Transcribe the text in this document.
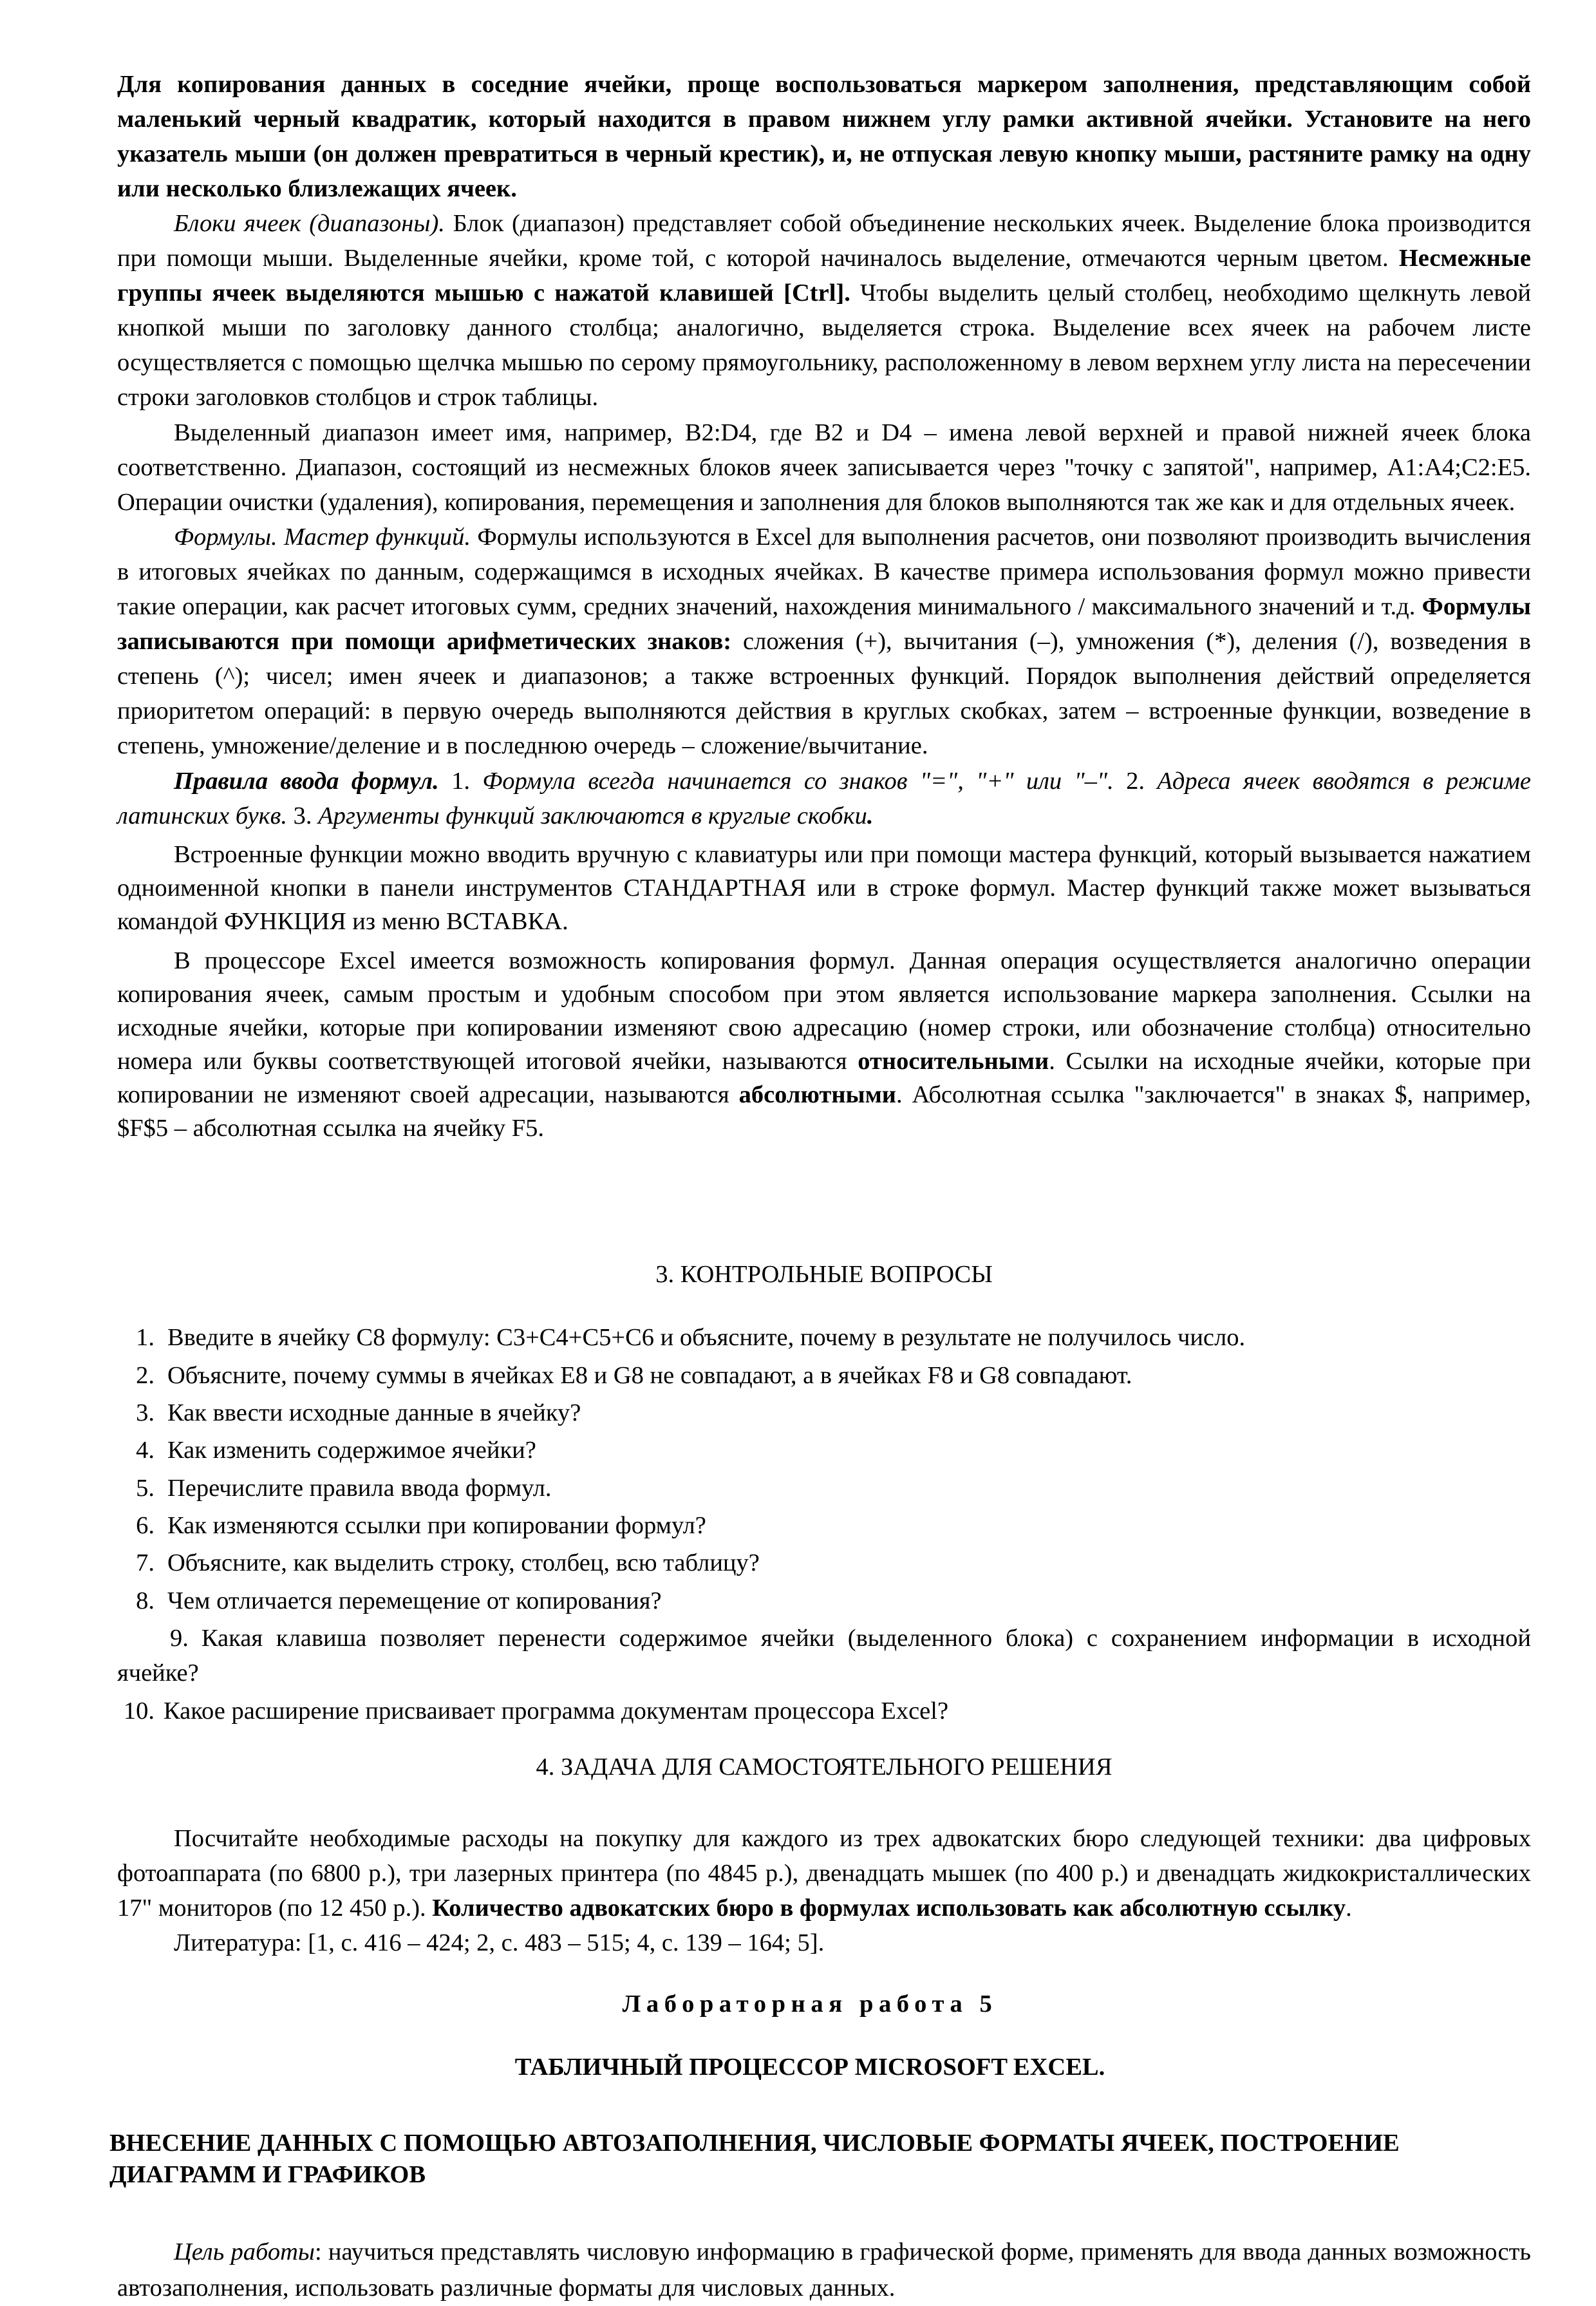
Для копирования данных в соседние ячейки, проще воспользоваться маркером заполнения, представляющим собой маленький черный квадратик, который находится в правом нижнем углу рамки активной ячейки. Установите на него указатель мыши (он должен превратиться в черный крестик), и, не отпуская левую кнопку мыши, растяните рамку на одну или несколько близлежащих ячеек.

Блоки ячеек (диапазоны). Блок (диапазон) представляет собой объединение нескольких ячеек. Выделение блока производится при помощи мыши. Выделенные ячейки, кроме той, с которой начиналось выделение, отмечаются черным цветом. Несмежные группы ячеек выделяются мышью с нажатой клавишей [Ctrl]. Чтобы выделить целый столбец, необходимо щелкнуть левой кнопкой мыши по заголовку данного столбца; аналогично, выделяется строка. Выделение всех ячеек на рабочем листе осуществляется с помощью щелчка мышью по серому прямоугольнику, расположенному в левом верхнем углу листа на пересечении строки заголовков столбцов и строк таблицы.

Выделенный диапазон имеет имя, например, B2:D4, где B2 и D4 – имена левой верхней и правой нижней ячеек блока соответственно. Диапазон, состоящий из несмежных блоков ячеек записывается через "точку с запятой", например, A1:A4;C2:E5. Операции очистки (удаления), копирования, перемещения и заполнения для блоков выполняются так же как и для отдельных ячеек.

Формулы. Мастер функций. Формулы используются в Excel для выполнения расчетов, они позволяют производить вычисления в итоговых ячейках по данным, содержащимся в исходных ячейках. В качестве примера использования формул можно привести такие операции, как расчет итоговых сумм, средних значений, нахождения минимального / максимального значений и т.д. Формулы записываются при помощи арифметических знаков: сложения (+), вычитания (–), умножения (*), деления (/), возведения в степень (^); чисел; имен ячеек и диапазонов; а также встроенных функций. Порядок выполнения действий определяется приоритетом операций: в первую очередь выполняются действия в круглых скобках, затем – встроенные функции, возведение в степень, умножение/деление и в последнюю очередь – сложение/вычитание.

Правила ввода формул. 1. Формула всегда начинается со знаков "=", "+" или "–". 2. Адреса ячеек вводятся в режиме латинских букв. 3. Аргументы функций заключаются в круглые скобки.

Встроенные функции можно вводить вручную с клавиатуры или при помощи мастера функций, который вызывается нажатием одноименной кнопки в панели инструментов СТАНДАРТНАЯ или в строке формул. Мастер функций также может вызываться командой ФУНКЦИЯ из меню ВСТАВКА.

В процессоре Excel имеется возможность копирования формул. Данная операция осуществляется аналогично операции копирования ячеек, самым простым и удобным способом при этом является использование маркера заполнения. Ссылки на исходные ячейки, которые при копировании изменяют свою адресацию (номер строки, или обозначение столбца) относительно номера или буквы соответствующей итоговой ячейки, называются относительными. Ссылки на исходные ячейки, которые при копировании не изменяют своей адресации, называются абсолютными. Абсолютная ссылка "заключается" в знаках $, например, $F$5 – абсолютная ссылка на ячейку F5.

3. КОНТРОЛЬНЫЕ ВОПРОСЫ

1. Введите в ячейку С8 формулу: С3+С4+С5+С6 и объясните, почему в результате не получилось число.
2. Объясните, почему суммы в ячейках Е8 и G8 не совпадают, а в ячейках F8 и G8 совпадают.
3. Как ввести исходные данные в ячейку?
4. Как изменить содержимое ячейки?
5. Перечислите правила ввода формул.
6. Как изменяются ссылки при копировании формул?
7. Объясните, как выделить строку, столбец, всю таблицу?
8. Чем отличается перемещение от копирования?
9. Какая клавиша позволяет перенести содержимое ячейки (выделенного блока) с сохранением информации в исходной ячейке?
10. Какое расширение присваивает программа документам процессора Excel?

4. ЗАДАЧА ДЛЯ САМОСТОЯТЕЛЬНОГО РЕШЕНИЯ

Посчитайте необходимые расходы на покупку для каждого из трех адвокатских бюро следующей техники: два цифровых фотоаппарата (по 6800 р.), три лазерных принтера (по 4845 р.), двенадцать мышек (по 400 р.) и двенадцать жидкокристаллических 17" мониторов (по 12 450 р.). Количество адвокатских бюро в формулах использовать как абсолютную ссылку.

Литература: [1, с. 416 – 424; 2, с. 483 – 515; 4, с. 139 – 164; 5].

Лабораторная работа 5

ТАБЛИЧНЫЙ ПРОЦЕССОР MICROSOFT EXCEL.

ВНЕСЕНИЕ ДАННЫХ С ПОМОЩЬЮ АВТОЗАПОЛНЕНИЯ, ЧИСЛОВЫЕ ФОРМАТЫ ЯЧЕЕК, ПОСТРОЕНИЕ ДИАГРАММ И ГРАФИКОВ

Цель работы: научиться представлять числовую информацию в графической форме, применять для ввода данных возможность автозаполнения, использовать различные форматы для числовых данных.
